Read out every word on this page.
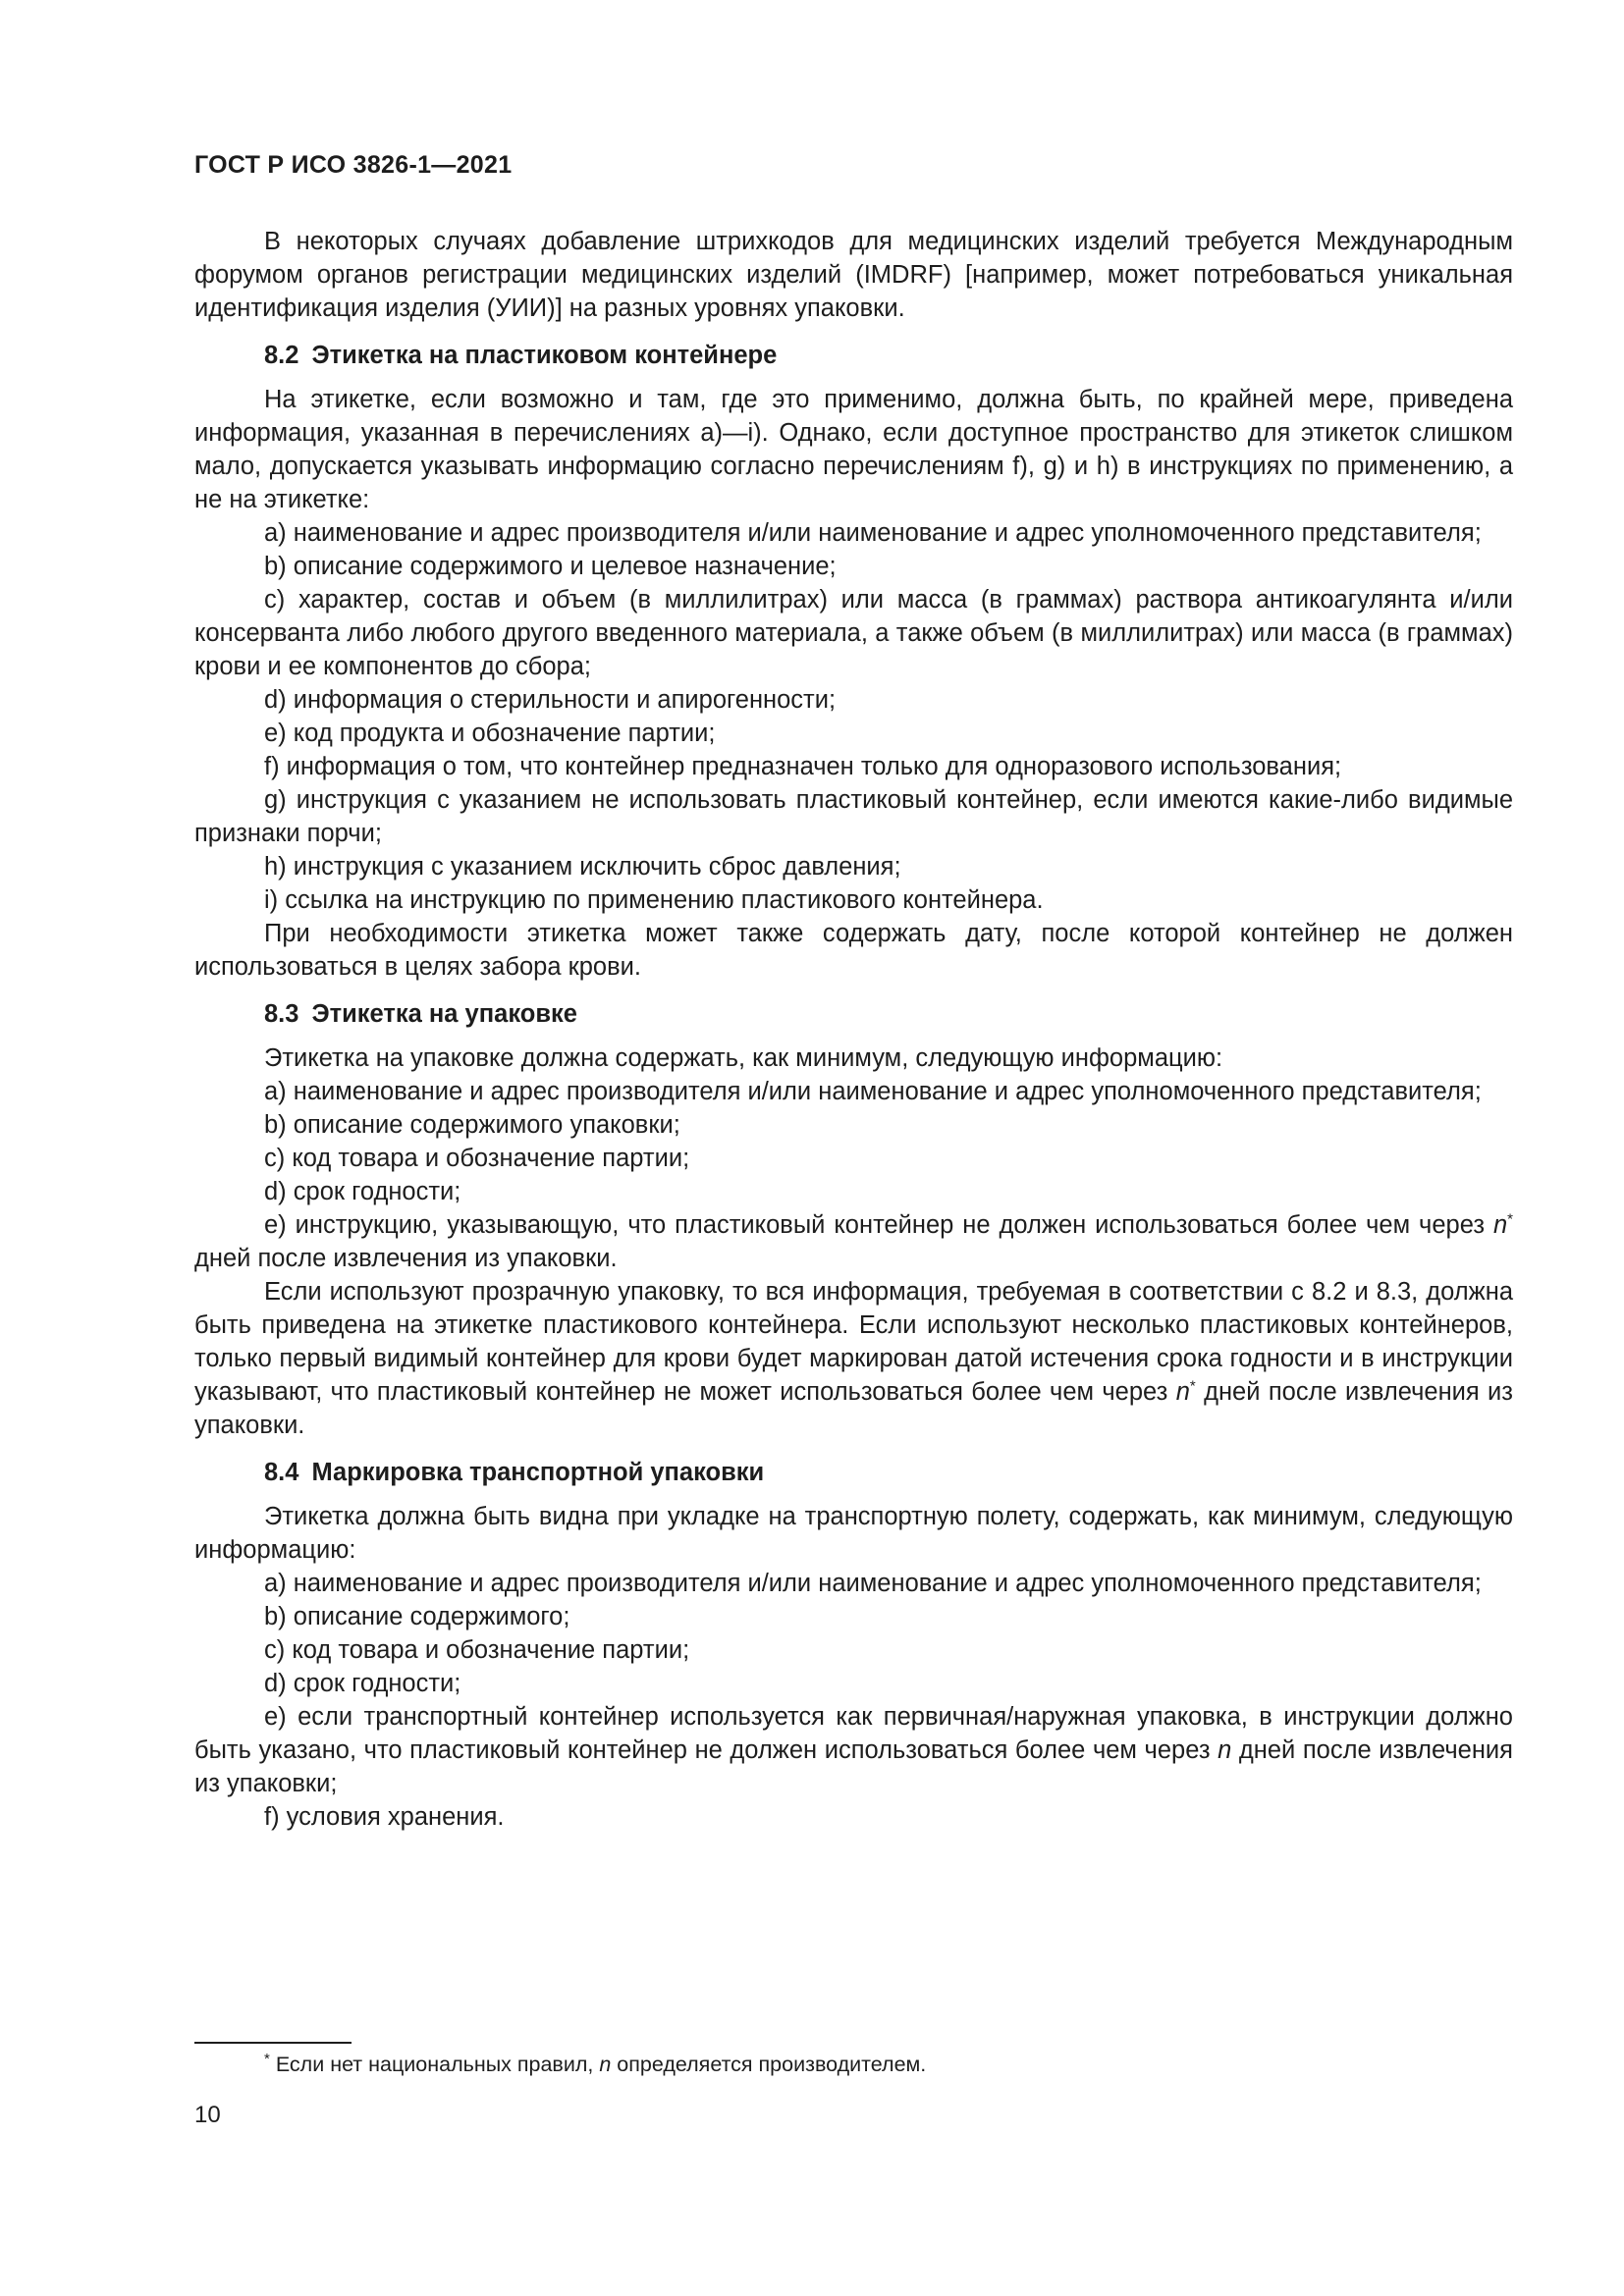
ГОСТ Р ИСО 3826-1—2021

В некоторых случаях добавление штрихкодов для медицинских изделий требуется Международным форумом органов регистрации медицинских изделий (IMDRF) [например, может потребоваться уникальная идентификация изделия (УИИ)] на разных уровнях упаковки.

8.2 Этикетка на пластиковом контейнере

На этикетке, если возможно и там, где это применимо, должна быть, по крайней мере, приведена информация, указанная в перечислениях а)—i). Однако, если доступное пространство для этикеток слишком мало, допускается указывать информацию согласно перечислениям f), g) и h) в инструкциях по применению, а не на этикетке:

a) наименование и адрес производителя и/или наименование и адрес уполномоченного представителя;

b) описание содержимого и целевое назначение;

c) характер, состав и объем (в миллилитрах) или масса (в граммах) раствора антикоагулянта и/или консерванта либо любого другого введенного материала, а также объем (в миллилитрах) или масса (в граммах) крови и ее компонентов до сбора;

d) информация о стерильности и апирогенности;

e) код продукта и обозначение партии;

f) информация о том, что контейнер предназначен только для одноразового использования;

g) инструкция с указанием не использовать пластиковый контейнер, если имеются какие-либо видимые признаки порчи;

h) инструкция с указанием исключить сброс давления;

i) ссылка на инструкцию по применению пластикового контейнера.

При необходимости этикетка может также содержать дату, после которой контейнер не должен использоваться в целях забора крови.

8.3 Этикетка на упаковке

Этикетка на упаковке должна содержать, как минимум, следующую информацию:

a) наименование и адрес производителя и/или наименование и адрес уполномоченного представителя;

b) описание содержимого упаковки;

c) код товара и обозначение партии;

d) срок годности;

e) инструкцию, указывающую, что пластиковый контейнер не должен использоваться более чем через n* дней после извлечения из упаковки.

Если используют прозрачную упаковку, то вся информация, требуемая в соответствии с 8.2 и 8.3, должна быть приведена на этикетке пластикового контейнера. Если используют несколько пластиковых контейнеров, только первый видимый контейнер для крови будет маркирован датой истечения срока годности и в инструкции указывают, что пластиковый контейнер не может использоваться более чем через n* дней после извлечения из упаковки.

8.4 Маркировка транспортной упаковки

Этикетка должна быть видна при укладке на транспортную полету, содержать, как минимум, следующую информацию:

a) наименование и адрес производителя и/или наименование и адрес уполномоченного представителя;

b) описание содержимого;

c) код товара и обозначение партии;

d) срок годности;

e) если транспортный контейнер используется как первичная/наружная упаковка, в инструкции должно быть указано, что пластиковый контейнер не должен использоваться более чем через n дней после извлечения из упаковки;

f) условия хранения.

* Если нет национальных правил, n определяется производителем.
10
